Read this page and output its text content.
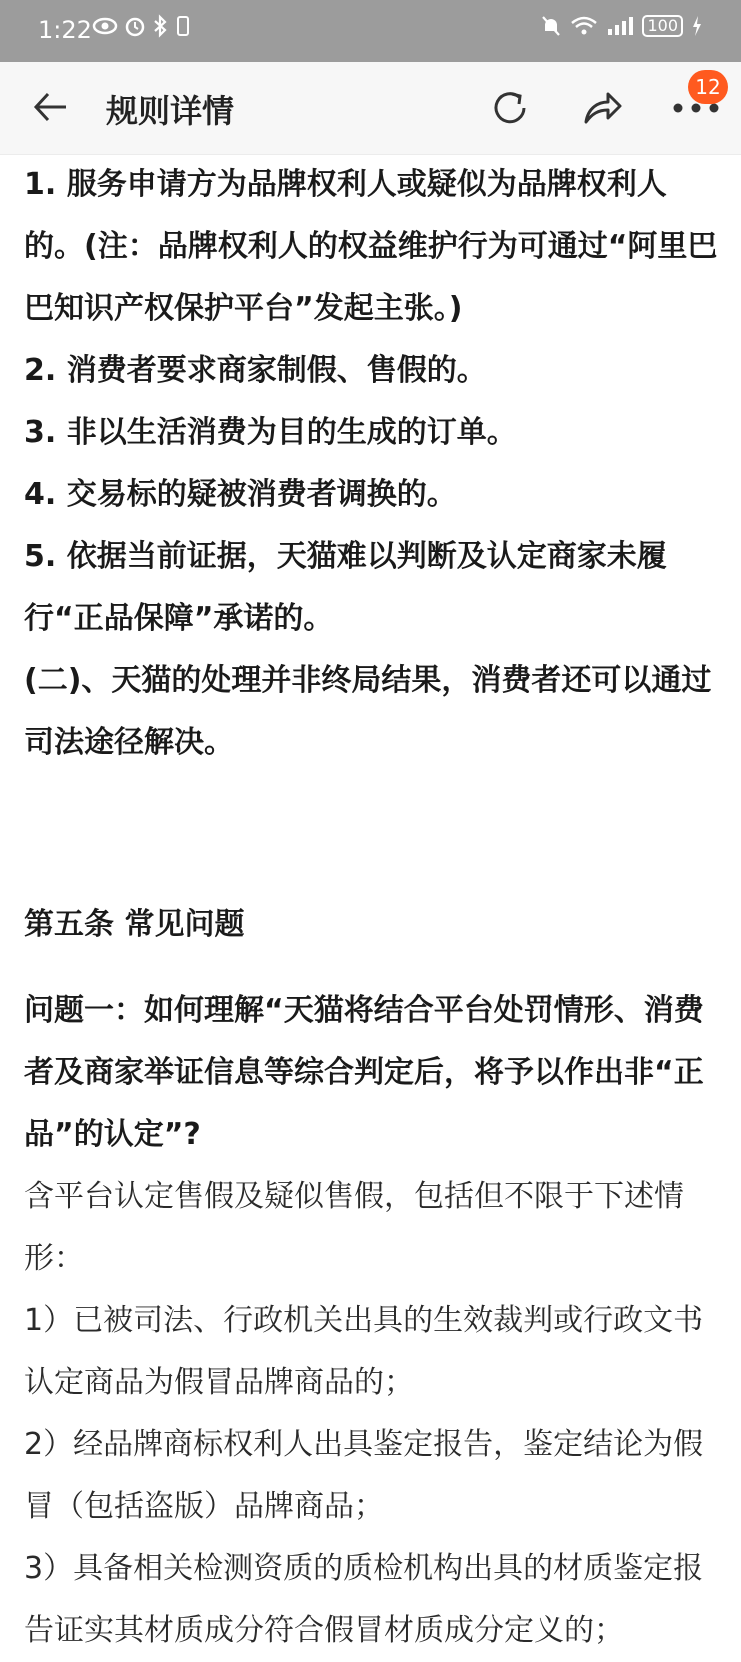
1:22	100
规则详情
12

1. 服务申请方为品牌权利人或疑似为品牌权利人的。(注：品牌权利人的权益维护行为可通过“阿里巴巴知识产权保护平台”发起主张。)

2. 消费者要求商家制假、售假的。

3. 非以生活消费为目的生成的订单。

4. 交易标的疑被消费者调换的。

5. 依据当前证据，天猫难以判断及认定商家未履行“正品保障”承诺的。

(二)、天猫的处理并非终局结果，消费者还可以通过司法途径解决。

第五条 常见问题

问题一：如何理解“天猫将结合平台处罚情形、消费者及商家举证信息等综合判定后，将予以作出非“正品”的认定”?

含平台认定售假及疑似售假，包括但不限于下述情形：

1）已被司法、行政机关出具的生效裁判或行政文书认定商品为假冒品牌商品的；

2）经品牌商标权利人出具鉴定报告，鉴定结论为假冒（包括盗版）品牌商品；

3）具备相关检测资质的质检机构出具的材质鉴定报告证实其材质成分符合假冒材质成分定义的；
